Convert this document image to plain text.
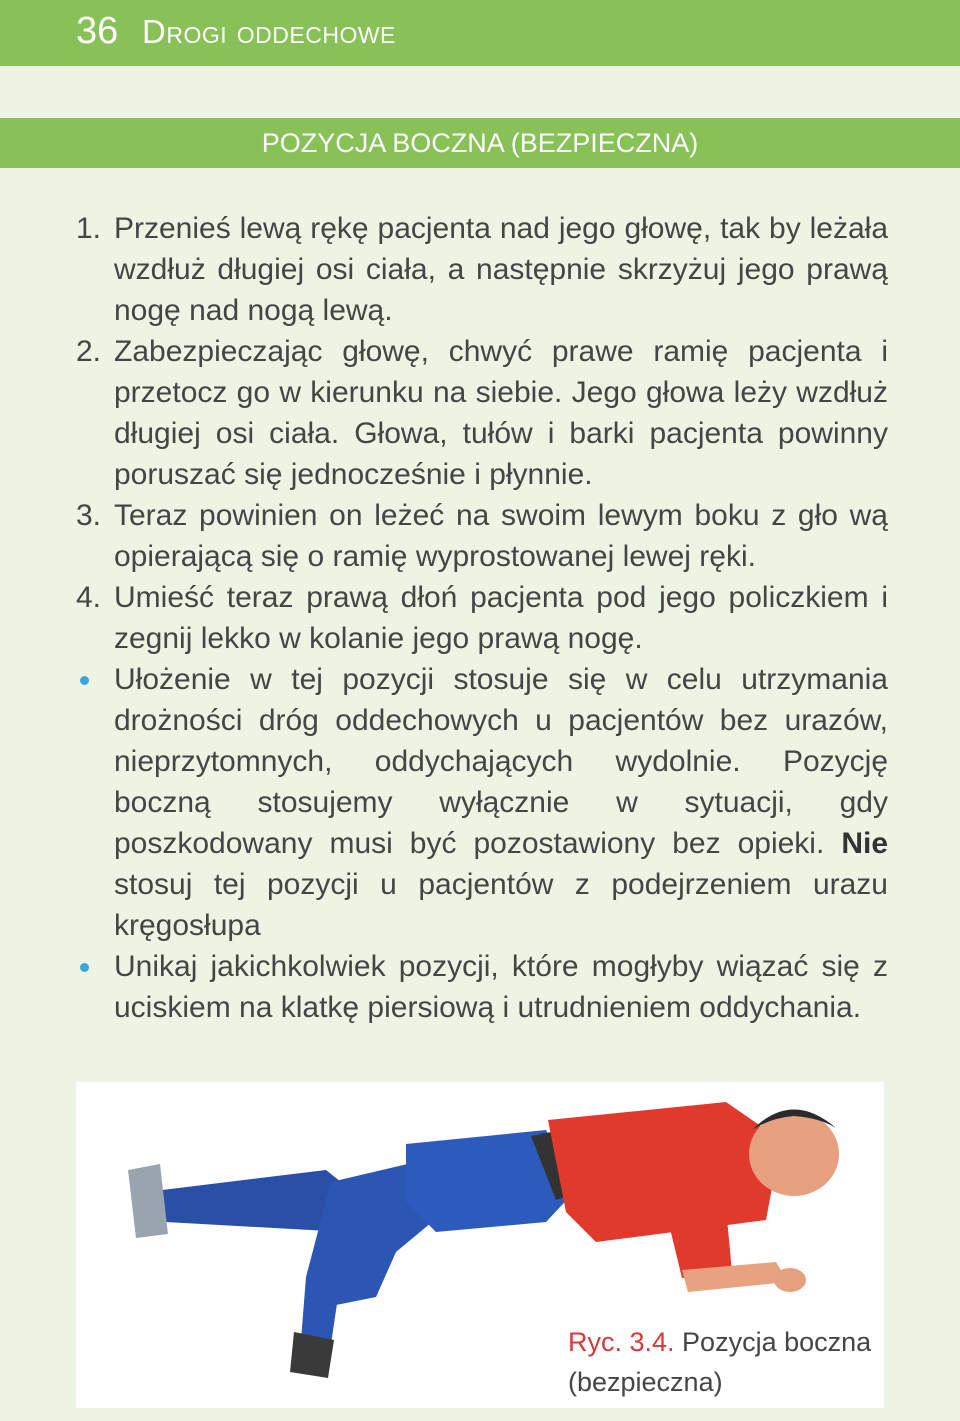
36 Drogi oddechowe
POZYCJA BOCZNA (BEZPIECZNA)
1. Przenieś lewą rękę pacjenta nad jego głowę, tak by leżała wzdłuż długiej osi ciała, a następnie skrzyżuj jego prawą nogę nad nogą lewą.
2. Zabezpieczając głowę, chwyć prawe ramię pacjenta i przetocz go w kierunku na siebie. Jego głowa leży wzdłuż długiej osi ciała. Głowa, tułów i barki pacjenta powinny poruszać się jednocześnie i płynnie.
3. Teraz powinien on leżeć na swoim lewym boku z gło wą opierającą się o ramię wyprostowanej lewej ręki.
4. Umieść teraz prawą dłoń pacjenta pod jego policzkiem i zegnij lekko w kolanie jego prawą nogę.
Ułożenie w tej pozycji stosuje się w celu utrzymania drożności dróg oddechowych u pacjentów bez urazów, nieprzytomnych, oddychających wydolnie. Pozycję boczną stosujemy wyłącznie w sytuacji, gdy poszkodowany musi być pozostawiony bez opieki. Nie stosuj tej pozycji u pacjentów z podejrzeniem urazu kręgosłupa
Unikaj jakichkolwiek pozycji, które mogłyby wiązać się z uciskiem na klatkę piersiową i utrudnieniem oddychania.
Ryc. 3.4. Pozycja boczna (bezpieczna)
